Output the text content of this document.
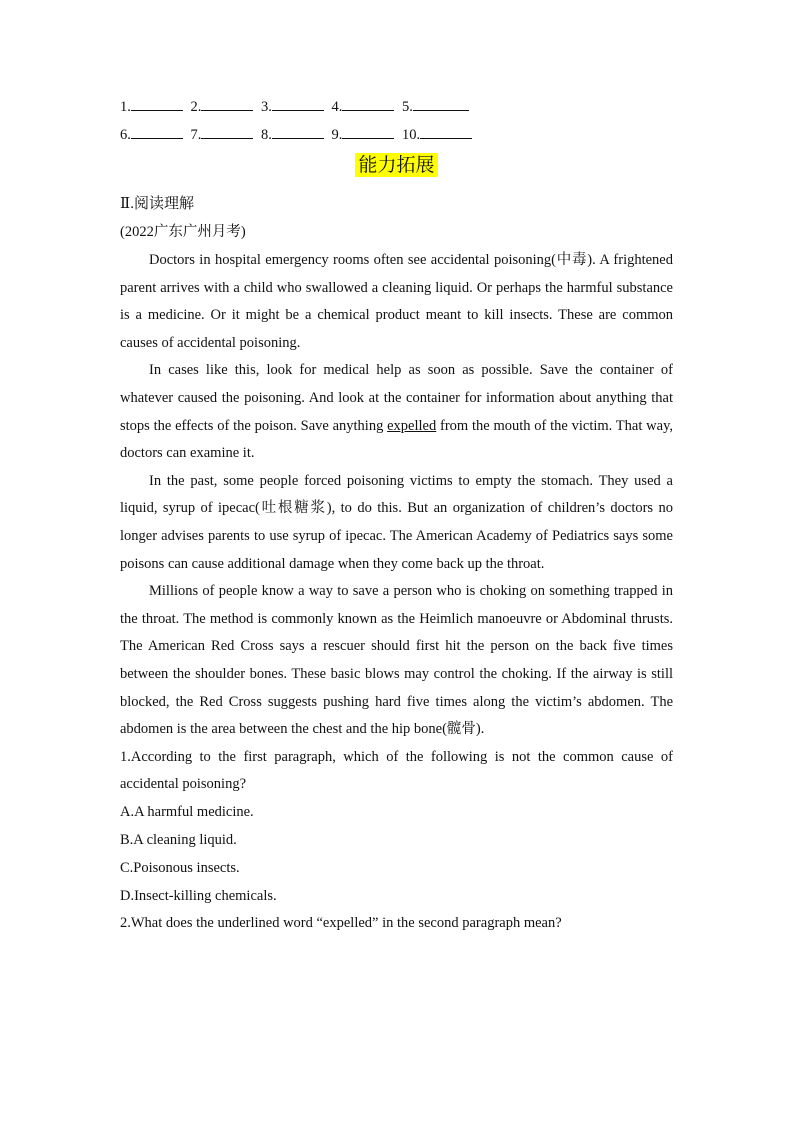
1.	2.	3.	4.	5.
6.	7.	8.	9.	10.
能力拓展
Ⅱ.阅读理解
(2022广东广州月考)

Doctors in hospital emergency rooms often see accidental poisoning(中毒). A frightened parent arrives with a child who swallowed a cleaning liquid. Or perhaps the harmful substance is a medicine. Or it might be a chemical product meant to kill insects. These are common causes of accidental poisoning.

In cases like this, look for medical help as soon as possible. Save the container of whatever caused the poisoning. And look at the container for information about anything that stops the effects of the poison. Save anything expelled from the mouth of the victim. That way, doctors can examine it.

In the past, some people forced poisoning victims to empty the stomach. They used a liquid, syrup of ipecac(吐根糖浆), to do this. But an organization of children’s doctors no longer advises parents to use syrup of ipecac. The American Academy of Pediatrics says some poisons can cause additional damage when they come back up the throat.

Millions of people know a way to save a person who is choking on something trapped in the throat. The method is commonly known as the Heimlich manoeuvre or Abdominal thrusts. The American Red Cross says a rescuer should first hit the person on the back five times between the shoulder bones. These basic blows may control the choking. If the airway is still blocked, the Red Cross suggests pushing hard five times along the victim’s abdomen. The abdomen is the area between the chest and the hip bone(髋骨).

1.According to the first paragraph, which of the following is not the common cause of accidental poisoning?

A.A harmful medicine.

B.A cleaning liquid.

C.Poisonous insects.

D.Insect-killing chemicals.

2.What does the underlined word “expelled” in the second paragraph mean?
